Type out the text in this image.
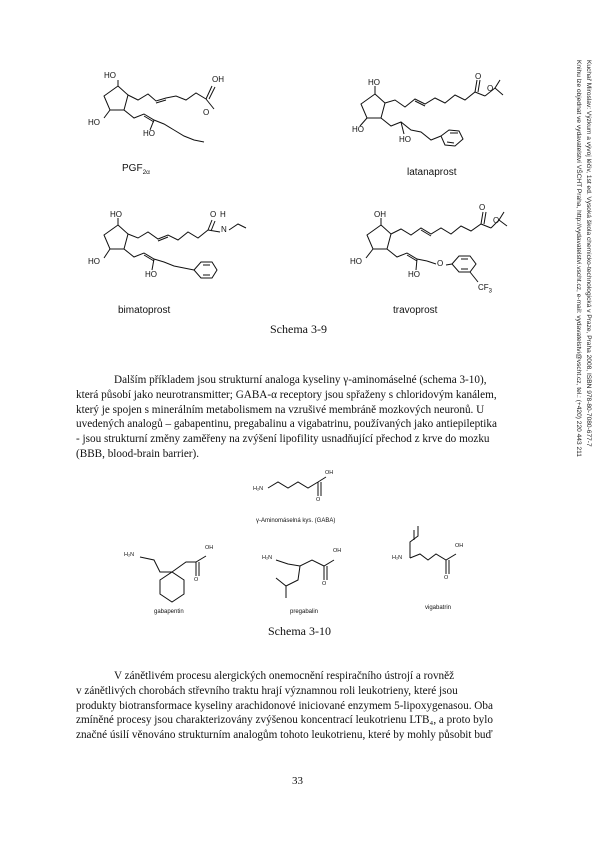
Kuchař Miroslav: Výzkum a vývoj léčiv, 1st ed. Vysoká škola chemicko-technologická v Praze, Praha 2008, ISBN 978-80-7080-677-7
Knihu lze objednat ve vydavatelství VŠCHT Praha, http://vydavatelstvi.vscht.cz, e-mail: vydavatelstvi@vscht.cz, tel.: (+420) 220 443 211
HO	OH
O
HO
HO
HO
O
O
HO
HO
HO	O H
N
HO
HO
OH
O
O
HO
HO
O
$CF_3$
$PGF_{2\alpha}$	latanaprost
bimatoprost	travoprost
Schema 3-9
Dalším příkladem jsou strukturní analoga kyseliny γ-aminomáselné (schema 3-10),
která působí jako neurotransmitter; GABA-α receptory jsou spřaženy s chloridovým kanálem,
který je spojen s minerálním metabolismem na vzrušivé membráně mozkových neuronů. U
uvedených analogů – gabapentinu, pregabalinu a vigabatrinu, používaných jako antiepileptika
- jsou strukturní změny zaměřeny na zvýšení lipofility usnadňující přechod z krve do mozku
(BBB, blood-brain barrier).
H₂N
OH
O
γ-Aminomáselná kys. (GABA)
H₂N
OH
O
gabapentin
H₂N
OH
O
pregabalin
H₂N
OH
O
vigabatrin
Schema 3-10
V zánětlivém procesu alergických onemocnění respiračního ústrojí a rovněž
v zánětlivých chorobách střevního traktu hrají významnou roli leukotrieny, které jsou
produkty biotransformace kyseliny arachidonové iniciované enzymem 5-lipoxygenasou. Oba
zmíněné procesy jsou charakterizovány zvýšenou koncentrací leukotrienu LTB₄, a proto bylo
značné úsilí věnováno strukturním analogům tohoto leukotrienu, které by mohly působit buď
33
